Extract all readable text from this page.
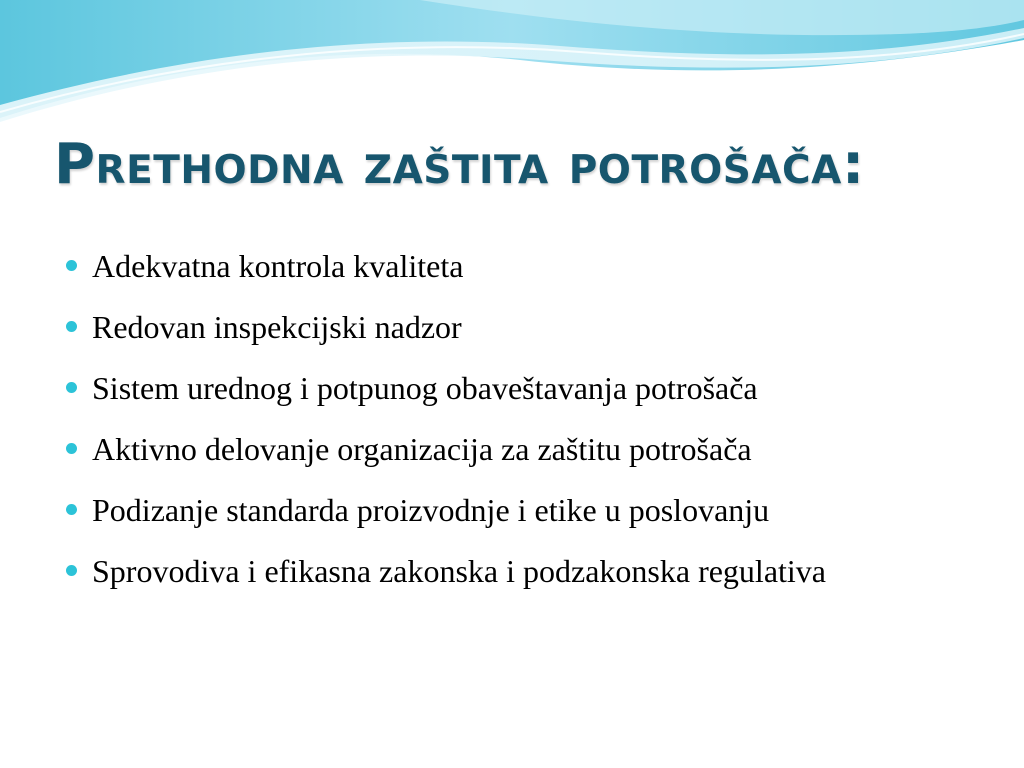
Prethodna zaštita potrošača:
Adekvatna kontrola kvaliteta
Redovan inspekcijski nadzor
Sistem urednog i potpunog obaveštavanja potrošača
Aktivno delovanje organizacija za zaštitu potrošača
Podizanje standarda proizvodnje i etike u poslovanju
Sprovodiva i efikasna zakonska i podzakonska regulativa
